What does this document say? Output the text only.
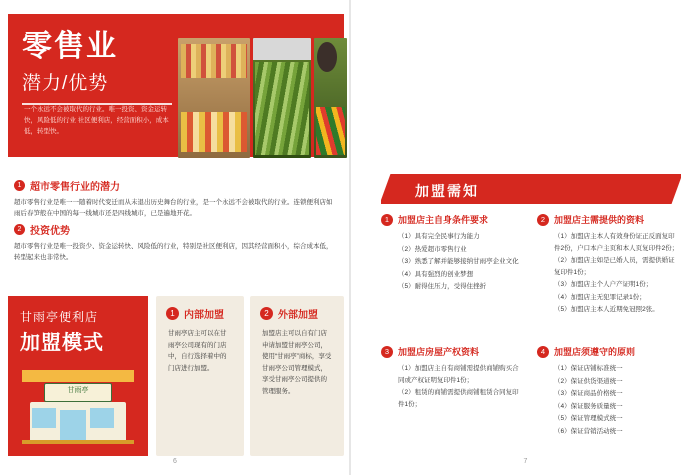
零售业
潜力/优势
一个永远不会被取代的行业。唯一投资、资金运转快，风险低的行业 社区便利店，经营面积小，成本低，转型快。
1 超市零售行业的潜力
超市零售行业是唯一一随着时代变迁而从未退出历史舞台的行业，是一个永远不会被取代的行业。连锁便利店如雨后春笋般在中国的每一线城市还是四线城市，已是遍地开花。
2 投资优势
超市零售行业是唯一投资少、资金运转快、风险低的行业，特别是社区便利店，因其经营面积小，综合成本低，转型起来也非常快。
甘雨亭便利店
加盟模式
甘雨亭
1 内部加盟
甘雨亭店主可以在甘雨亭公司现有的门店中，自行选择着中的门店进行加盟。
2 外部加盟
加盟店主可以自有门店申请加盟甘雨亭公司，使用“甘雨亭”商标，享受甘雨亭公司管理模式，享受甘雨亭公司提供的管理服务。
6
加盟需知
1 加盟店主自身条件要求
（1）具有完全民事行为能力
（2）热爱超市零售行业
（3）熟悉了解并能够接纳甘雨亭企业文化
（4）具有强烈的创业梦想
（5）耐得住压力，受得住挫折
2 加盟店主需提供的资料
（1）加盟店主本人有效身份证正反面复印件2份，户口本户主页和本人页复印件2份；
（2）加盟店主如是已婚人员，需提供婚证复印件1份；
（3）加盟店主个人户产证明1份；
（4）加盟店主无犯罪记录1份；
（5）加盟店主本人近期免冠照2张。
3 加盟店房屋产权资料
（1）加盟店主自有商铺需提供商铺购买合同或产权证明复印件1份；
（2）租赁的商铺需提供商铺租赁合同复印件1份；
4 加盟店须遵守的原则
（1）保证店铺标准统一
（2）保证供货渠道统一
（3）保证商品价格统一
（4）保证服务质量统一
（5）保证管理模式统一
（6）保证营销活动统一
7
